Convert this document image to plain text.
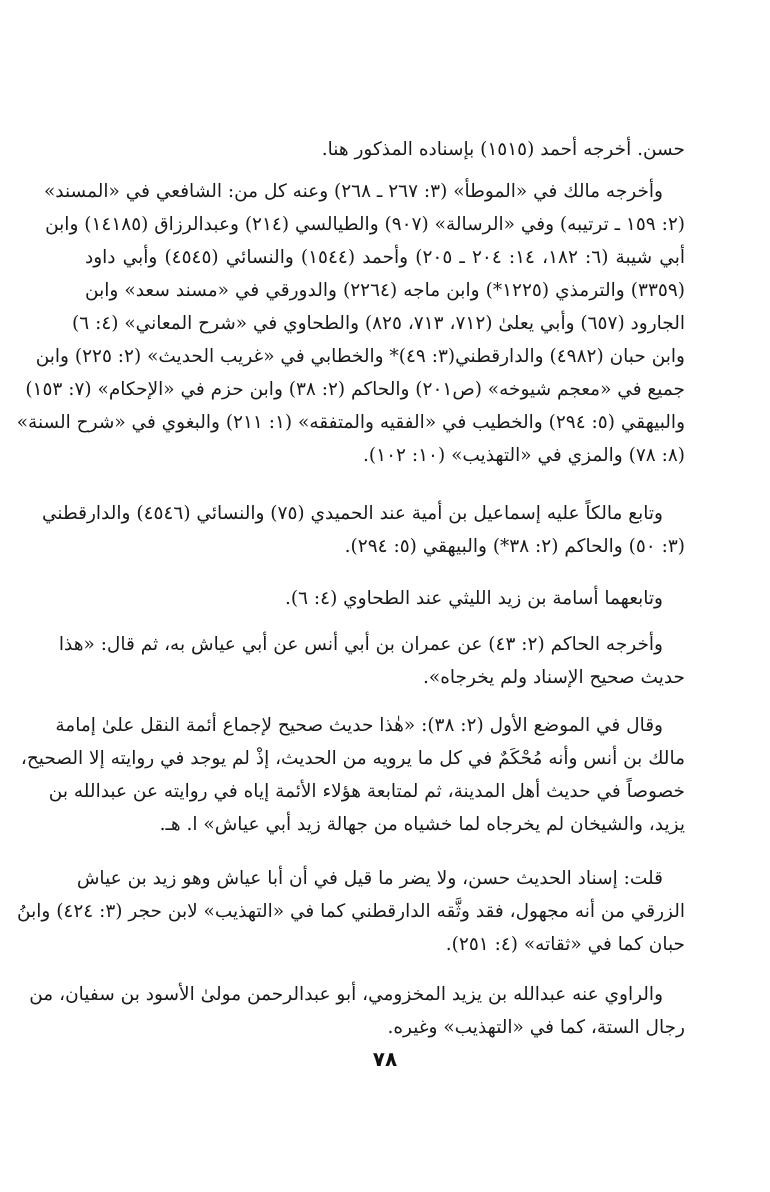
حسن. أخرجه أحمد (١٥١٥) بإسناده المذكور هنا.
وأخرجه مالك في «الموطأ» (٣: ٢٦٧ ـ ٢٦٨) وعنه كل من: الشافعي في «المسند»
(٢: ١٥٩ ـ ترتيبه) وفي «الرسالة» (٩٠٧) والطيالسي (٢١٤) وعبدالرزاق (١٤١٨٥) وابن
أبي شيبة (٦: ١٨٢، ١٤: ٢٠٤ ـ ٢٠٥) وأحمد (١٥٤٤) والنسائي (٤٥٤٥) وأبي داود
(٣٣٥٩) والترمذي (١٢٢٥*) وابن ماجه (٢٢٦٤) والدورقي في «مسند سعد» وابن
الجارود (٦٥٧) وأبي يعلىٰ (٧١٢، ٧١٣، ٨٢٥) والطحاوي في «شرح المعاني» (٤: ٦)
وابن حبان (٤٩٨٢) والدارقطني(٣: ٤٩)* والخطابي في «غريب الحديث» (٢: ٢٢٥) وابن
جميع في «معجم شيوخه» (ص٢٠١) والحاكم (٢: ٣٨) وابن حزم في «الإحكام» (٧: ١٥٣)
والبيهقي (٥: ٢٩٤) والخطيب في «الفقيه والمتفقه» (١: ٢١١) والبغوي في «شرح السنة»
(٨: ٧٨) والمزي في «التهذيب» (١٠: ١٠٢).
وتابع مالكاً عليه إسماعيل بن أمية عند الحميدي (٧٥) والنسائي (٤٥٤٦) والدارقطني
(٣: ٥٠) والحاكم (٢: ٣٨*) والبيهقي (٥: ٢٩٤).
وتابعهما أسامة بن زيد الليثي عند الطحاوي (٤: ٦).
وأخرجه الحاكم (٢: ٤٣) عن عمران بن أبي أنس عن أبي عياش به، ثم قال: «هذا
حديث صحيح الإسناد ولم يخرجاه».
وقال في الموضع الأول (٢: ٣٨): «هٰذا حديث صحيح لإجماع أئمة النقل علىٰ إمامة
مالك بن أنس وأنه مُحْكَمٌ في كل ما يرويه من الحديث، إذْ لم يوجد في روايته إلا الصحيح،
خصوصاً في حديث أهل المدينة، ثم لمتابعة هؤلاء الأئمة إياه في روايته عن عبدالله بن
يزيد، والشيخان لم يخرجاه لما خشياه من جهالة زيد أبي عياش» ا. هـ.
قلت: إسناد الحديث حسن، ولا يضر ما قيل في أن أبا عياش وهو زيد بن عياش
الزرقي من أنه مجهول، فقد وثَّقه الدارقطني كما في «التهذيب» لابن حجر (٣: ٤٢٤) وابنُ
حبان كما في «ثقاته» (٤: ٢٥١).
والراوي عنه عبدالله بن يزيد المخزومي، أبو عبدالرحمن مولىٰ الأسود بن سفيان، من
رجال الستة، كما في «التهذيب» وغيره.
٧٨
